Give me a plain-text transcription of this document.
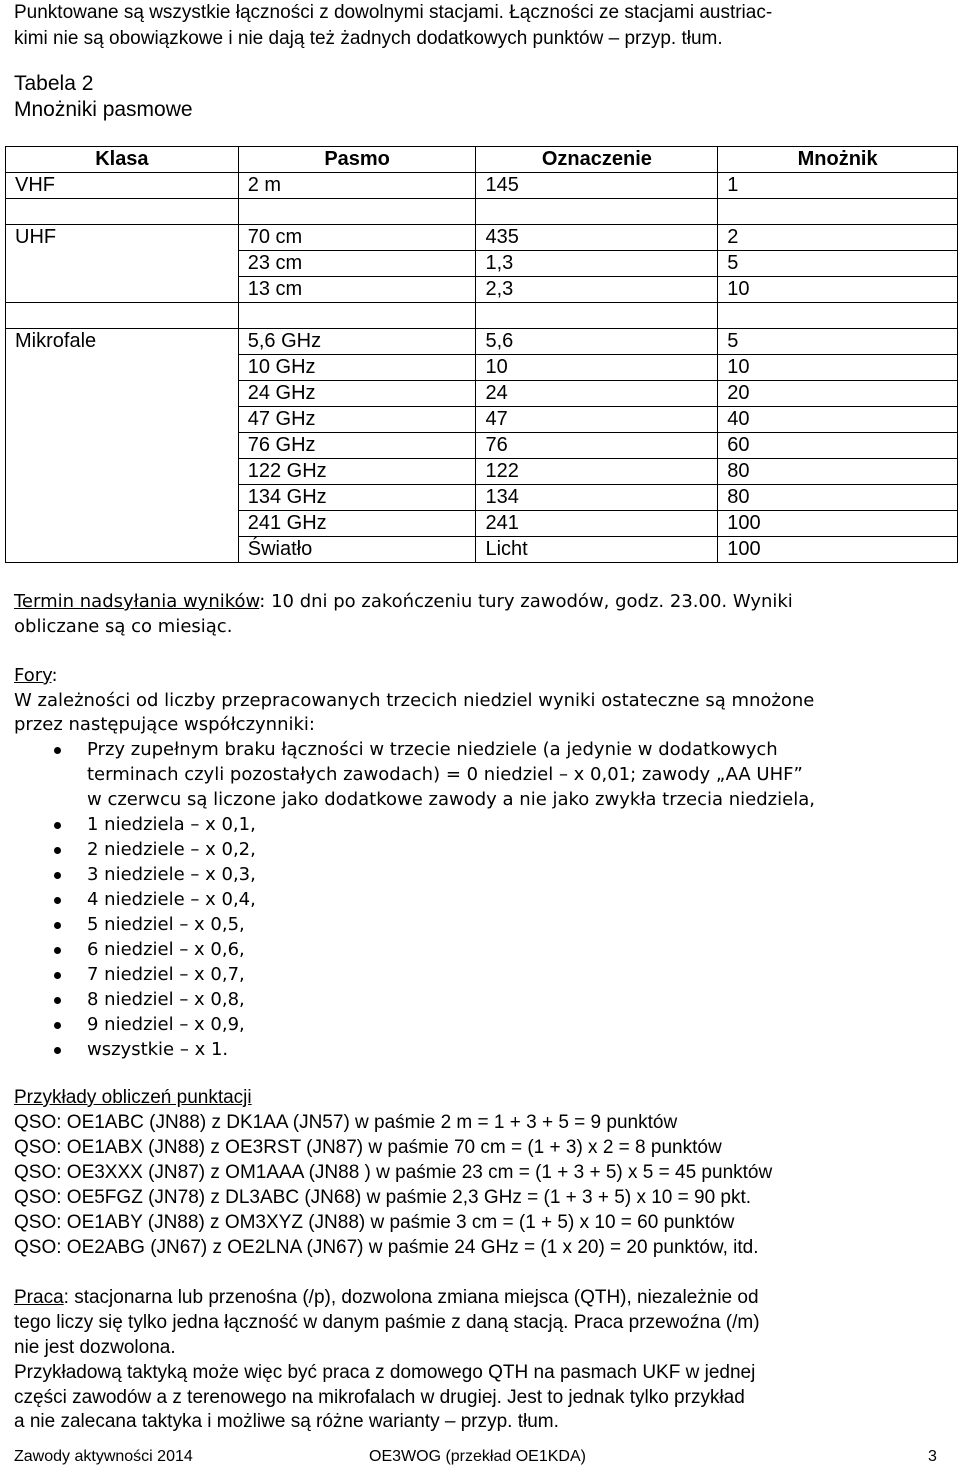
Punktowane są wszystkie łączności z dowolnymi stacjami. Łączności ze stacjami austriac-
kimi nie są obowiązkowe i nie dają też żadnych dodatkowych punktów – przyp. tłum.
Tabela 2
Mnożniki pasmowe
Klasa	Pasmo	Oznaczenie	Mnożnik
VHF	2 m	145	1

UHF	70 cm	435	2
	23 cm	1,3	5
	13 cm	2,3	10

Mikrofale	5,6 GHz	5,6	5
	10 GHz	10	10
	24 GHz	24	20
	47 GHz	47	40
	76 GHz	76	60
	122 GHz	122	80
	134 GHz	134	80
	241 GHz	241	100
	Światło	Licht	100
Termin nadsyłania wyników: 10 dni po zakończeniu tury zawodów, godz. 23.00. Wyniki
obliczane są co miesiąc.
Fory:
W zależności od liczby przepracowanych trzecich niedziel wyniki ostateczne są mnożone
przez następujące współczynniki:
Przy zupełnym braku łączności w trzecie niedziele (a jedynie w dodatkowych
terminach czyli pozostałych zawodach) = 0 niedziel – x 0,01; zawody „AA UHF”
w czerwcu są liczone jako dodatkowe zawody a nie jako zwykła trzecia niedziela,
1 niedziela – x 0,1,
2 niedziele – x 0,2,
3 niedziele – x 0,3,
4 niedziele – x 0,4,
5 niedziel – x 0,5,
6 niedziel – x 0,6,
7 niedziel – x 0,7,
8 niedziel – x 0,8,
9 niedziel – x 0,9,
wszystkie – x 1.
Przykłady obliczeń punktacji
QSO: OE1ABC (JN88) z DK1AA (JN57) w paśmie 2 m = 1 + 3 + 5 = 9 punktów
QSO: OE1ABX (JN88) z OE3RST (JN87) w paśmie 70 cm = (1 + 3) x 2 = 8 punktów
QSO: OE3XXX (JN87) z OM1AAA (JN88 ) w paśmie 23 cm = (1 + 3 + 5) x 5 = 45 punktów
QSO: OE5FGZ (JN78) z DL3ABC (JN68) w paśmie 2,3 GHz = (1 + 3 + 5) x 10 = 90 pkt.
QSO: OE1ABY (JN88) z OM3XYZ (JN88) w paśmie 3 cm = (1 + 5) x 10 = 60 punktów
QSO: OE2ABG (JN67) z OE2LNA (JN67) w paśmie 24 GHz = (1 x 20) = 20 punktów, itd.
Praca: stacjonarna lub przenośna (/p), dozwolona zmiana miejsca (QTH), niezależnie od
tego liczy się tylko jedna łączność w danym paśmie z daną stacją. Praca przewoźna (/m)
nie jest dozwolona.
Przykładową taktyką może więc być praca z domowego QTH na pasmach UKF w jednej
części zawodów a z terenowego na mikrofalach w drugiej. Jest to jednak tylko przykład
a nie zalecana taktyka i możliwe są różne warianty – przyp. tłum.
Zawody aktywności 2014	OE3WOG (przekład OE1KDA)	3
